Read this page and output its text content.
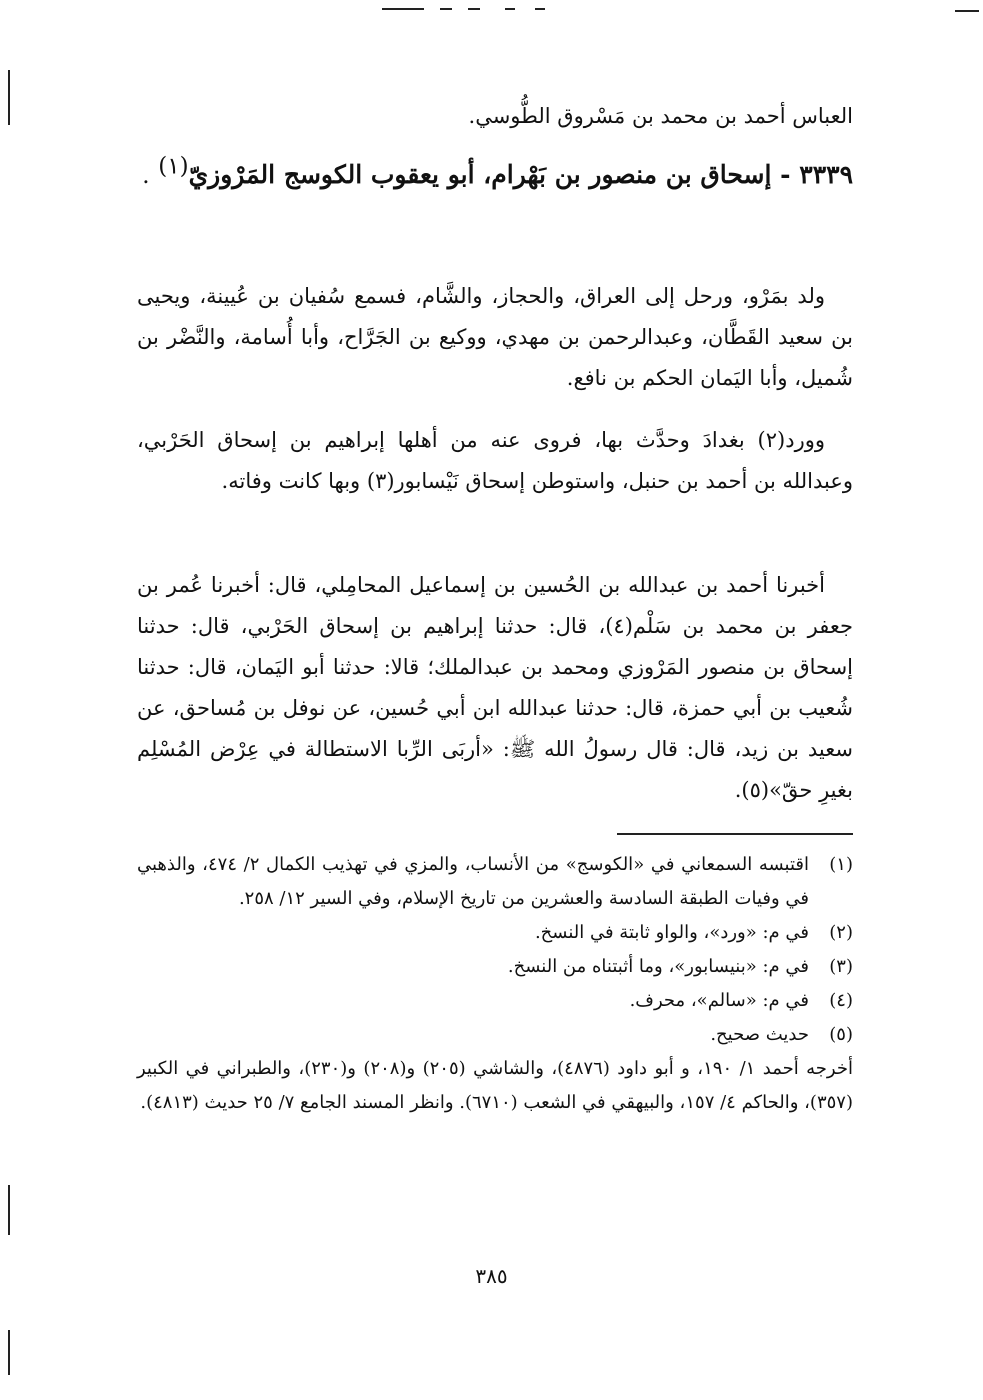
العباس أحمد بن محمد بن مَسْروق الطُّوسي.
٣٣٣٩ - إسحاق بن منصور بن بَهْرام، أبو يعقوب الكوسج المَرْوزيّ$^{(١)}$ .
ولد بمَرْو، ورحل إلى العراق، والحجاز، والشَّام، فسمع سُفيان بن عُيينة، ويحيى بن سعيد القَطَّان، وعبدالرحمن بن مهدي، ووكيع بن الجَرَّاح، وأبا أُسامة، والنَّضْر بن شُميل، وأبا اليَمان الحكم بن نافع.
وورد(٢) بغدادَ وحدَّث بها، فروى عنه من أهلها إبراهيم بن إسحاق الحَرْبي، وعبدالله بن أحمد بن حنبل، واستوطن إسحاق نَيْسابور(٣) وبها كانت وفاته.
أخبرنا أحمد بن عبدالله بن الحُسين بن إسماعيل المحامِلي، قال: أخبرنا عُمر بن جعفر بن محمد بن سَلْم(٤)، قال: حدثنا إبراهيم بن إسحاق الحَرْبي، قال: حدثنا إسحاق بن منصور المَرْوزي ومحمد بن عبدالملك؛ قالا: حدثنا أبو اليَمان، قال: حدثنا شُعيب بن أبي حمزة، قال: حدثنا عبدالله ابن أبي حُسين، عن نوفل بن مُساحق، عن سعيد بن زيد، قال: قال رسولُ الله ﷺ: «أربَى الرِّبا الاستطالة في عِرْض المُسْلِم بغيرِ حقّ»(٥).
(١)
اقتبسه السمعاني في «الكوسج» من الأنساب، والمزي في تهذيب الكمال ٢/ ٤٧٤، والذهبي في وفيات الطبقة السادسة والعشرين من تاريخ الإسلام، وفي السير ١٢/ ٢٥٨.
(٢)
في م: «ورد»، والواو ثابتة في النسخ.
(٣)
في م: «بنيسابور»، وما أثبتناه من النسخ.
(٤)
في م: «سالم»، محرف.
(٥)
حديث صحيح.
أخرجه أحمد ١/ ١٩٠، و أبو داود (٤٨٧٦)، والشاشي (٢٠٥) و(٢٠٨) و(٢٣٠)، والطبراني في الكبير (٣٥٧)، والحاكم ٤/ ١٥٧، والبيهقي في الشعب (٦٧١٠). وانظر المسند الجامع ٧/ ٢٥ حديث (٤٨١٣).
٣٨٥
